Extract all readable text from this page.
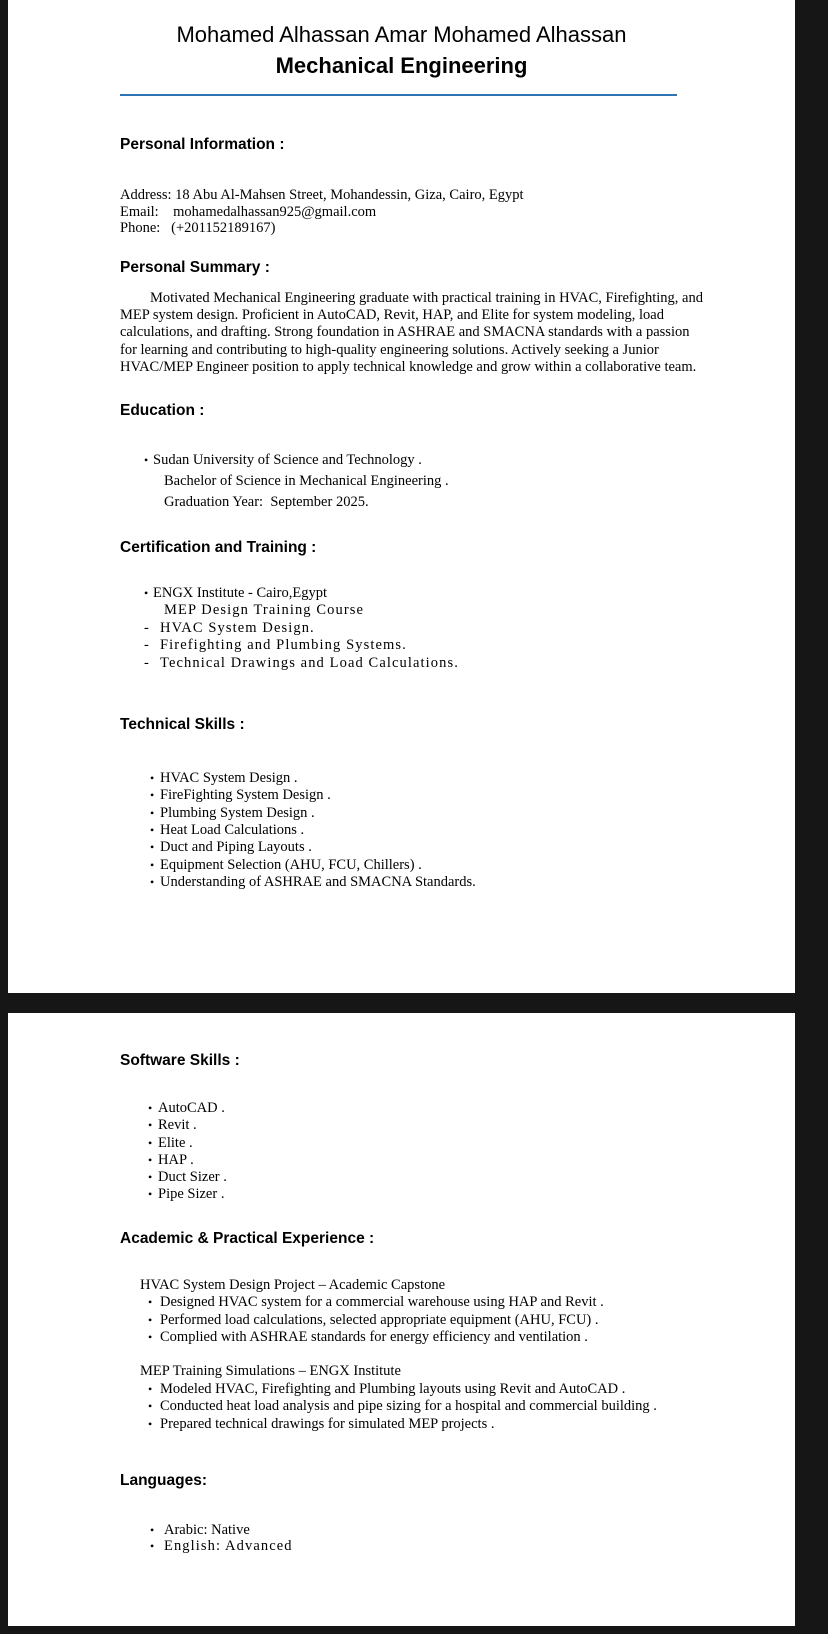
Mohamed Alhassan Amar Mohamed Alhassan
Mechanical Engineering
Personal Information :
Address: 18 Abu Al-Mahsen Street, Mohandessin, Giza, Cairo, Egypt
Email:    mohamedalhassan925@gmail.com
Phone:   (+201152189167)
Personal Summary :

Motivated Mechanical Engineering graduate with practical training in HVAC, Firefighting, and MEP system design. Proficient in AutoCAD, Revit, HAP, and Elite for system modeling, load calculations, and drafting. Strong foundation in ASHRAE and SMACNA standards with a passion for learning and contributing to high-quality engineering solutions. Actively seeking a Junior HVAC/MEP Engineer position to apply technical knowledge and grow within a collaborative team.

Education :
• Sudan University of Science and Technology .
Bachelor of Science in Mechanical Engineering .
Graduation Year:  September 2025.
Certification and Training :
• ENGX Institute - Cairo,Egypt
MEP Design Training Course
- HVAC System Design.
- Firefighting and Plumbing Systems.
- Technical Drawings and Load Calculations.
Technical Skills :
• HVAC System Design .
• FireFighting System Design .
• Plumbing System Design .
• Heat Load Calculations .
• Duct and Piping Layouts .
• Equipment Selection (AHU, FCU, Chillers) .
• Understanding of ASHRAE and SMACNA Standards.
Software Skills :
• AutoCAD .
• Revit .
• Elite .
• HAP .
• Duct Sizer .
• Pipe Sizer .
Academic & Practical Experience :
HVAC System Design Project – Academic Capstone
• Designed HVAC system for a commercial warehouse using HAP and Revit .
• Performed load calculations, selected appropriate equipment (AHU, FCU) .
• Complied with ASHRAE standards for energy efficiency and ventilation .
MEP Training Simulations – ENGX Institute
• Modeled HVAC, Firefighting and Plumbing layouts using Revit and AutoCAD .
• Conducted heat load analysis and pipe sizing for a hospital and commercial building .
• Prepared technical drawings for simulated MEP projects .
Languages:
• Arabic: Native
• English: Advanced
